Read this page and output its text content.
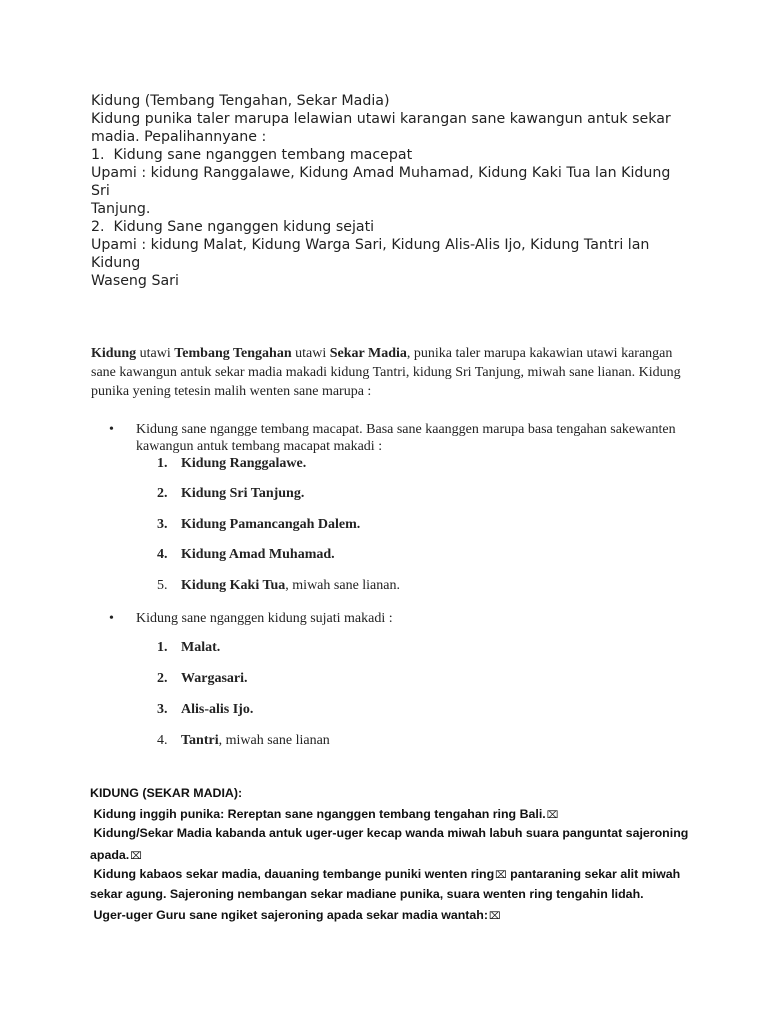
Kidung (Tembang Tengahan, Sekar Madia)

Kidung punika taler marupa lelawian utawi karangan sane kawangun antuk sekar

madia. Pepalihannyane :

1.  Kidung sane nganggen tembang macepat

Upami : kidung Ranggalawe, Kidung Amad Muhamad, Kidung Kaki Tua lan Kidung Sri

Tanjung.

2.  Kidung Sane nganggen kidung sejati

Upami : kidung Malat, Kidung Warga Sari, Kidung Alis-Alis Ijo, Kidung Tantri lan Kidung

Waseng Sari

Kidung utawi Tembang Tengahan utawi Sekar Madia, punika taler marupa kakawian utawi karangan sane kawangun antuk sekar madia makadi kidung Tantri, kidung Sri Tanjung, miwah sane lianan. Kidung punika yening tetesin malih wenten sane marupa :

• Kidung sane ngangge tembang macapat. Basa sane kaanggen marupa basa tengahan sakewanten kawangun antuk tembang macapat makadi :
1. Kidung Ranggalawe.
2. Kidung Sri Tanjung.
3. Kidung Pamancangah Dalem.
4. Kidung Amad Muhamad.
5. Kidung Kaki Tua, miwah sane lianan.
• Kidung sane nganggen kidung sujati makadi :
1. Malat.
2. Wargasari.
3. Alis-alis Ijo.
4. Tantri, miwah sane lianan
KIDUNG (SEKAR MADIA):
Kidung inggih punika: Rereptan sane nganggen tembang tengahan ring Bali.⌧
Kidung/Sekar Madia kabanda antuk uger-uger kecap wanda miwah labuh suara panguntat sajeroning
apada.⌧
Kidung kabaos sekar madia, dauaning tembange puniki wenten ring⌧ pantaraning sekar alit miwah
sekar agung. Sajeroning nembangan sekar madiane punika, suara wenten ring tengahin lidah.
Uger-uger Guru sane ngiket sajeroning apada sekar madia wantah:⌧
